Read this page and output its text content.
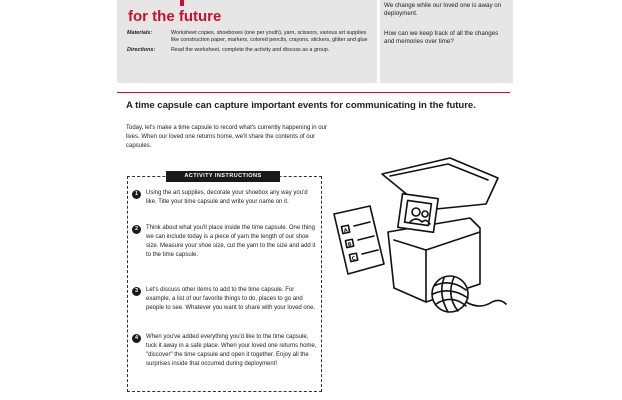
for the future
Materials:	Worksheet copies, shoeboxes (one per youth), yarn, scissors, various art supplies like construction paper, markers, colored pencils, crayons, stickers, glitter and glue
Directions:	Read the worksheet, complete the activity and discuss as a group.
We change while our loved one is away on deployment.
How can we keep track of all the changes and memories over time?
A time capsule can capture important events for communicating in the future.
Today, let's make a time capsule to record what's currently happening in our lives. When our loved one returns home, we'll share the contents of our capsules.
ACTIVITY INSTRUCTIONS
1	Using the art supplies, decorate your shoebox any way you'd like. Title your time capsule and write your name on it.
2	Think about what you'll place inside the time capsule. One thing we can include today is a piece of yarn the length of our shoe size. Measure your shoe size, cut the yarn to the size and add it to the time capsule.
3	Let's discuss other items to add to the time capsule. For example, a list of our favorite things to do, places to go and people to see. Whatever you want to share with your loved one.
4	When you've added everything you'd like to the time capsule, tuck it away in a safe place. When your loved one returns home, "discover" the time capsule and open it together. Enjoy all the surprises inside that occurred during deployment!
A
B
C
